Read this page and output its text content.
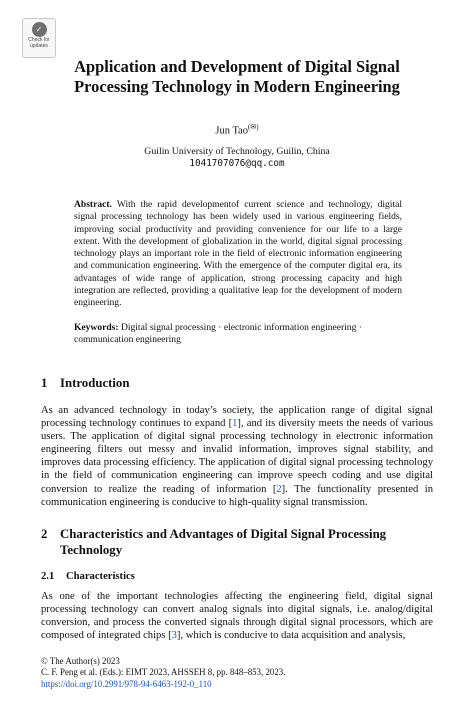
✓
Check for
updates
Application and Development of Digital Signal
Processing Technology in Modern Engineering
Jun Tao(✉)
Guilin University of Technology, Guilin, China
1041707076@qq.com

Abstract. With the rapid developmentof current science and technology, digital signal processing technology has been widely used in various engineering fields, improving social productivity and providing convenience for our life to a large extent. With the development of globalization in the world, digital signal processing technology plays an important role in the field of electronic information engineering and communication engineering. With the emergence of the computer digital era, its advantages of wide range of application, strong processing capacity and high integration are reflected, providing a qualitative leap for the development of modern engineering.

Keywords: Digital signal processing · electronic information engineering · communication engineering

1 Introduction

As an advanced technology in today’s society, the application range of digital signal processing technology continues to expand [1], and its diversity meets the needs of various users. The application of digital signal processing technology in electronic information engineering filters out messy and invalid information, improves signal stability, and improves data processing efficiency. The application of digital signal processing technology in the field of communication engineering can improve speech coding and use digital conversion to realize the reading of information [2]. The functionality presented in communication engineering is conducive to high-quality signal transmission.

2 Characteristics and Advantages of Digital Signal Processing Technology
2.1 Characteristics

As one of the important technologies affecting the engineering field, digital signal processing technology can convert analog signals into digital signals, i.e. analog/digital conversion, and process the converted signals through digital signal processors, which are composed of integrated chips [3], which is conducive to data acquisition and analysis,

© The Author(s) 2023
C. F. Peng et al. (Eds.): EIMT 2023, AHSSEH 8, pp. 848–853, 2023.
https://doi.org/10.2991/978-94-6463-192-0_110
